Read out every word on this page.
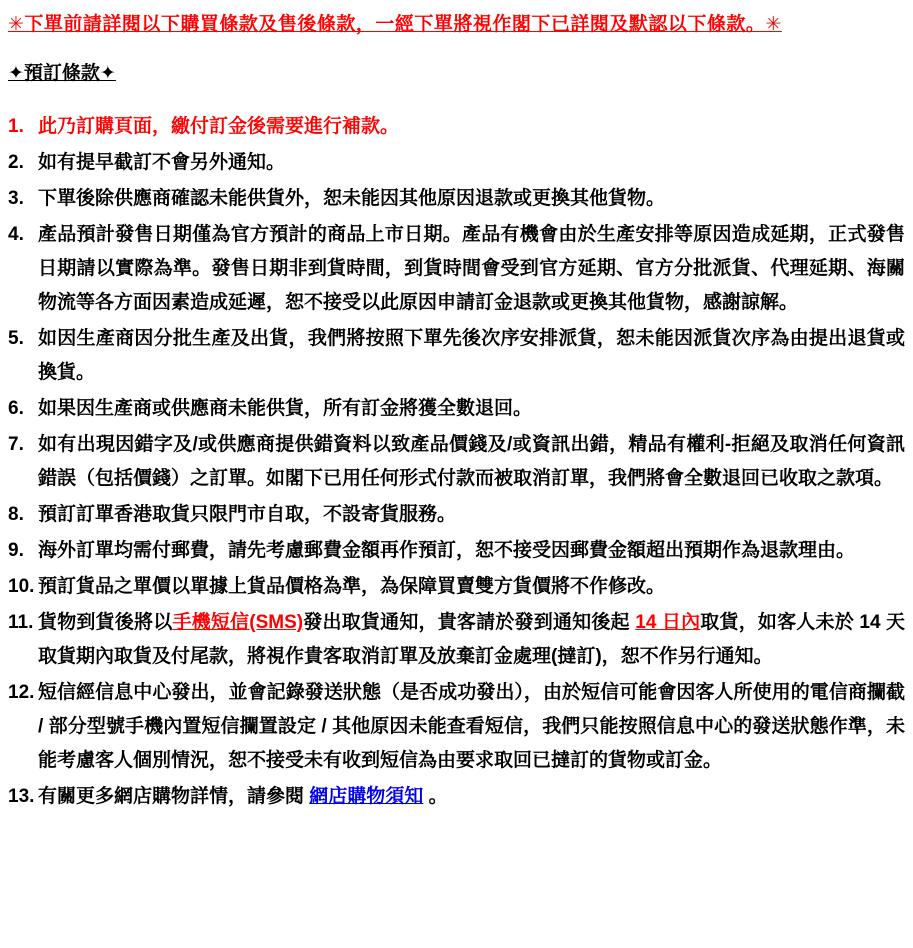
✳下單前請詳閱以下購買條款及售後條款，一經下單將視作閣下已詳閱及默認以下條款。✳
✦預訂條款✦
1. 此乃訂購頁面，繳付訂金後需要進行補款。
2. 如有提早截訂不會另外通知。
3. 下單後除供應商確認未能供貨外，恕未能因其他原因退款或更換其他貨物。
4. 產品預計發售日期僅為官方預計的商品上市日期。產品有機會由於生產安排等原因造成延期，正式發售日期請以實際為準。發售日期非到貨時間，到貨時間會受到官方延期、官方分批派貨、代理延期、海關物流等各方面因素造成延遲，恕不接受以此原因申請訂金退款或更換其他貨物，感謝諒解。
5. 如因生產商因分批生產及出貨，我們將按照下單先後次序安排派貨，恕未能因派貨次序為由提出退貨或換貨。
6. 如果因生產商或供應商未能供貨，所有訂金將獲全數退回。
7. 如有出現因錯字及/或供應商提供錯資料以致產品價錢及/或資訊出錯，精品有權利-拒絕及取消任何資訊錯誤（包括價錢）之訂單。如閣下已用任何形式付款而被取消訂單，我們將會全數退回已收取之款項。
8. 預訂訂單香港取貨只限門市自取，不設寄貨服務。
9. 海外訂單均需付郵費，請先考慮郵費金額再作預訂，恕不接受因郵費金額超出預期作為退款理由。
10. 預訂貨品之單價以單據上貨品價格為準，為保障買賣雙方貨價將不作修改。
11. 貨物到貨後將以手機短信(SMS)發出取貨通知，貴客請於發到通知後起 14 日內取貨，如客人未於 14 天取貨期內取貨及付尾款，將視作貴客取消訂單及放棄訂金處理(撻訂)，恕不作另行通知。
12. 短信經信息中心發出，並會記錄發送狀態（是否成功發出），由於短信可能會因客人所使用的電信商攔截 / 部分型號手機內置短信攔置設定 / 其他原因未能查看短信，我們只能按照信息中心的發送狀態作準，未能考慮客人個別情況，恕不接受未有收到短信為由要求取回已撻訂的貨物或訂金。
13. 有關更多網店購物詳情，請參閱 網店購物須知 。
